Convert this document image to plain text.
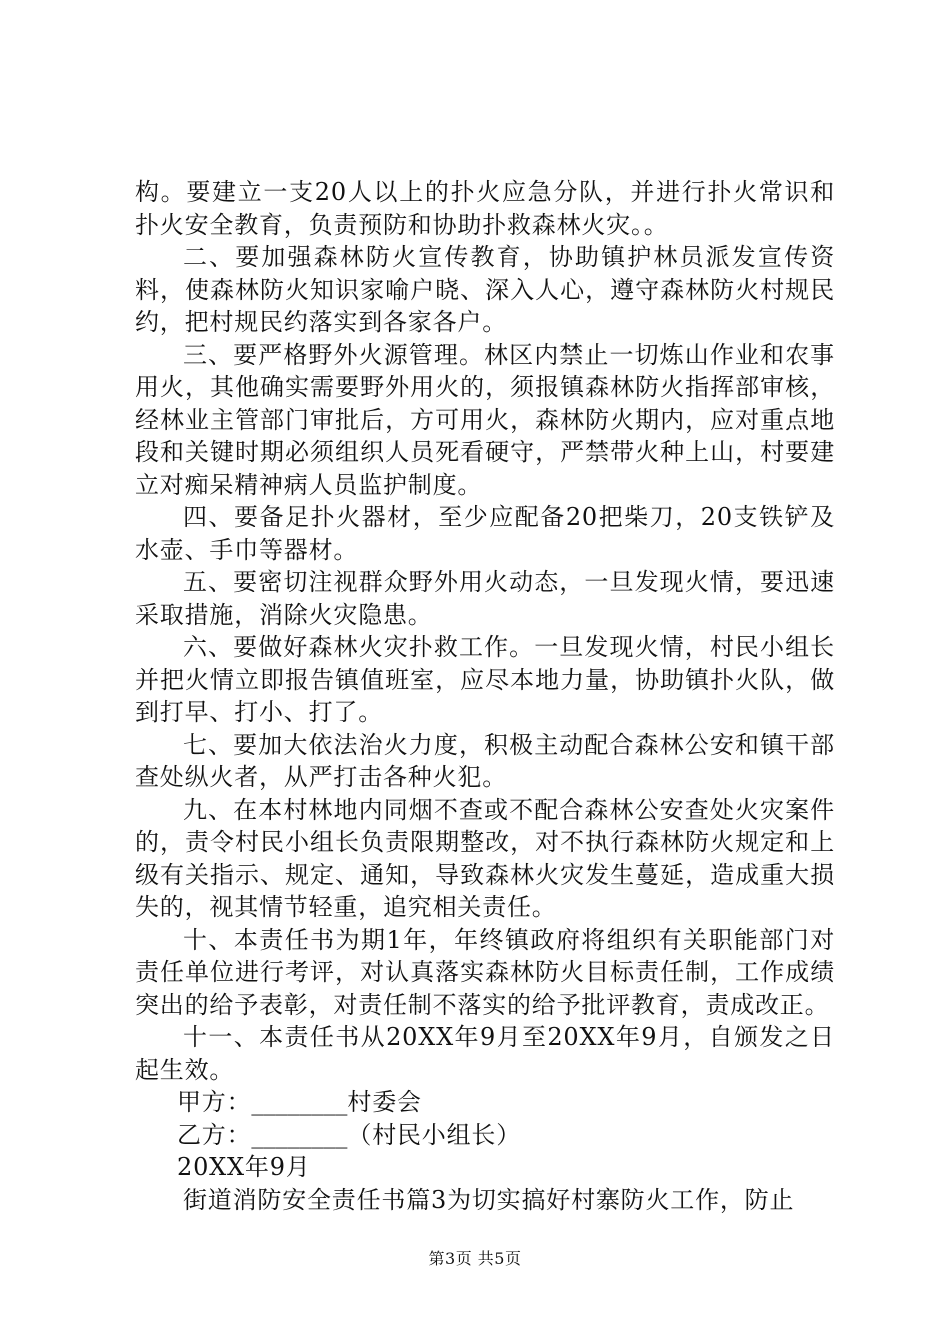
构。要建立一支20人以上的扑火应急分队，并进行扑火常识和扑火安全教育，负责预防和协助扑救森林火灾。。

二、要加强森林防火宣传教育，协助镇护林员派发宣传资料，使森林防火知识家喻户晓、深入人心，遵守森林防火村规民约，把村规民约落实到各家各户。

三、要严格野外火源管理。林区内禁止一切炼山作业和农事用火，其他确实需要野外用火的，须报镇森林防火指挥部审核，经林业主管部门审批后，方可用火，森林防火期内，应对重点地段和关键时期必须组织人员死看硬守，严禁带火种上山，村要建立对痴呆精神病人员监护制度。

四、要备足扑火器材，至少应配备20把柴刀，20支铁铲及水壶、手巾等器材。

五、要密切注视群众野外用火动态，一旦发现火情，要迅速采取措施，消除火灾隐患。

六、要做好森林火灾扑救工作。一旦发现火情，村民小组长并把火情立即报告镇值班室，应尽本地力量，协助镇扑火队，做到打早、打小、打了。

七、要加大依法治火力度，积极主动配合森林公安和镇干部查处纵火者，从严打击各种火犯。

九、在本村林地内同烟不查或不配合森林公安查处火灾案件的，责令村民小组长负责限期整改，对不执行森林防火规定和上级有关指示、规定、通知，导致森林火灾发生蔓延，造成重大损失的，视其情节轻重，追究相关责任。

十、本责任书为期1年，年终镇政府将组织有关职能部门对责任单位进行考评，对认真落实森林防火目标责任制，工作成绩突出的给予表彰，对责任制不落实的给予批评教育，责成改正。

十一、本责任书从20XX年9月至20XX年9月，自颁发之日起生效。

甲方：________村委会

乙方：________（村民小组长）

20XX年9月

街道消防安全责任书篇3为切实搞好村寨防火工作，防止

第3页 共5页
